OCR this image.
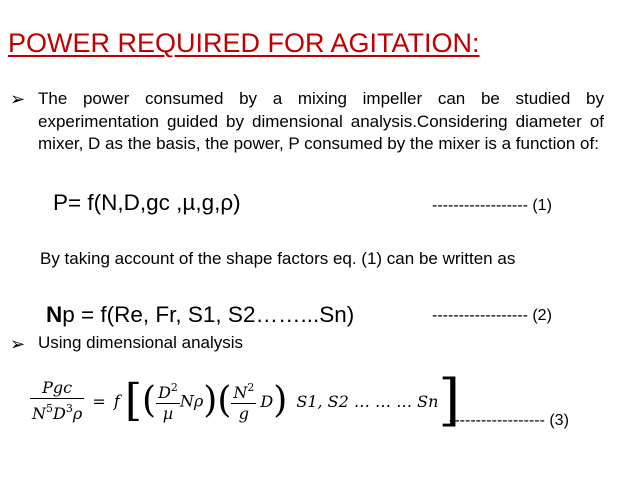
POWER REQUIRED FOR AGITATION:
➢ The power consumed by a mixing impeller can be studied by experimentation guided by dimensional analysis.Considering diameter of mixer, D as the basis, the power, P consumed by the mixer is a function of:
P= f(N,D,gc ,µ,g,ρ)	------------------ (1)
By taking account of the shape factors eq. (1) can be written as
Np = f(Re, Fr, S1, S2……...Sn)	------------------ (2)
➢ Using dimensional analysis
$\frac{\text{Pgc}}{N^5D^3\rho} = f$ [( $\frac{D^2}{\text{µ}} N\rho)( \frac{N^2}{g} D)$ S1, S2 … … … Sn]
------------------ (3)
